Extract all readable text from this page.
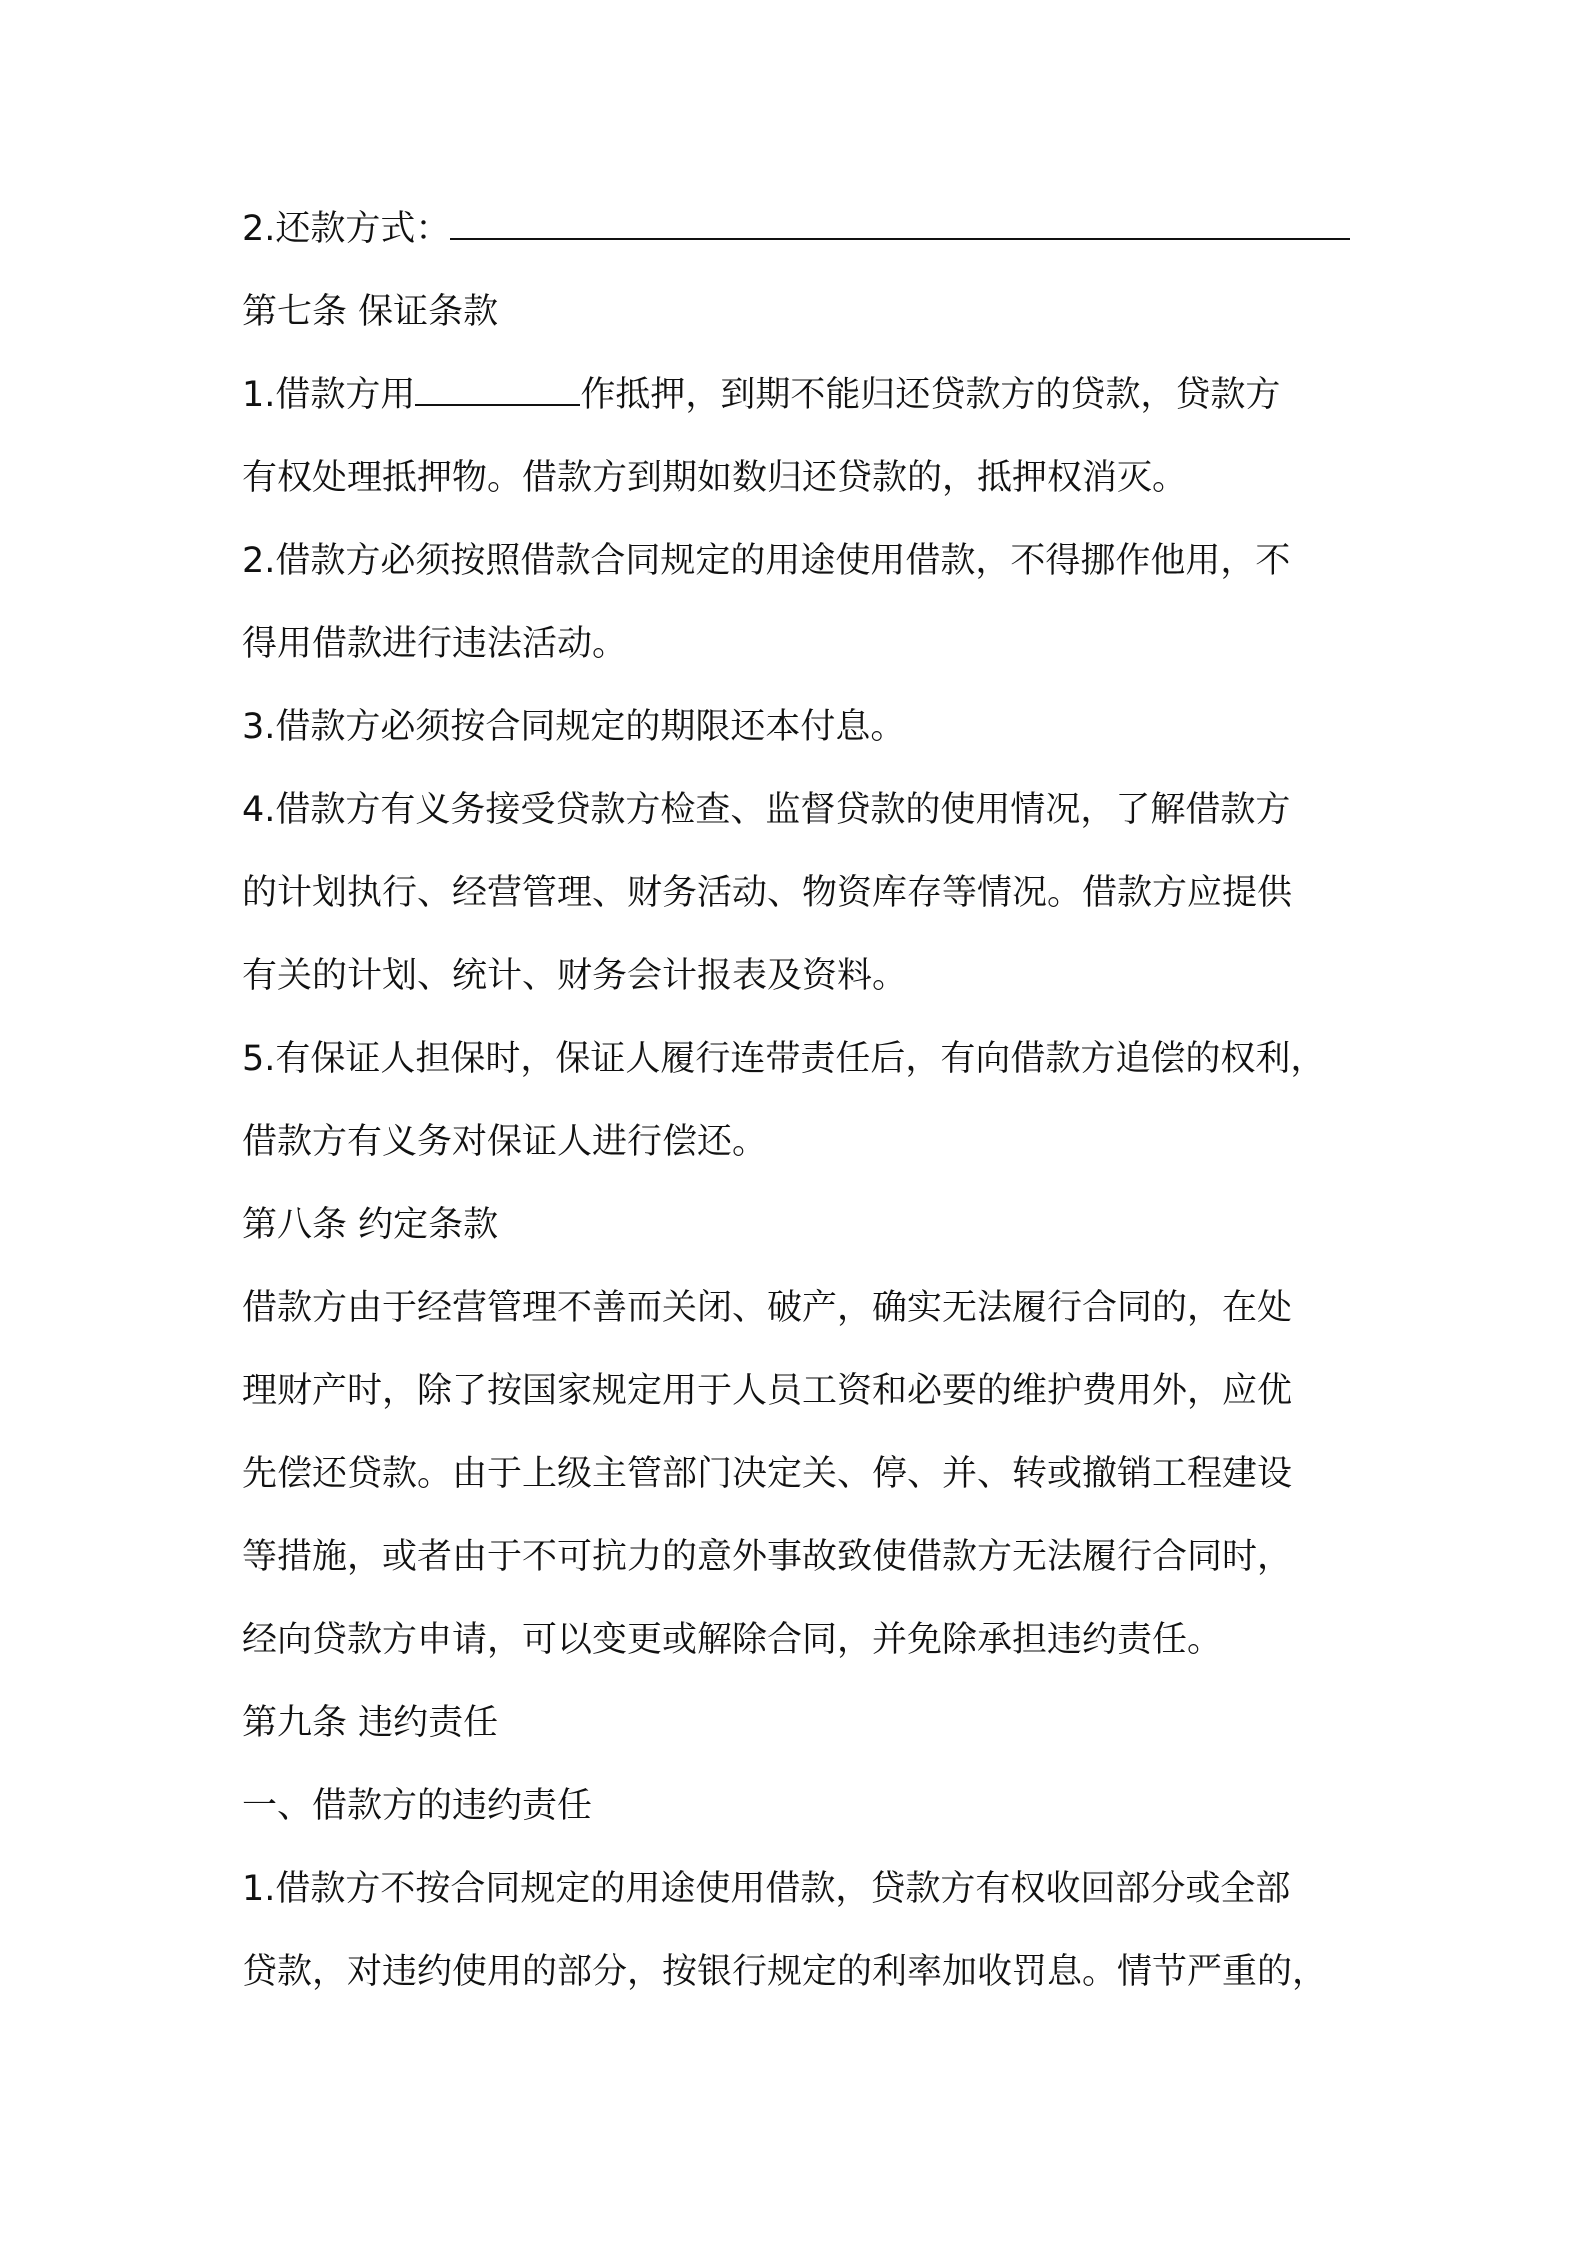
2.还款方式：
第七条 保证条款
1.借款方用	作抵押，到期不能归还贷款方的贷款，贷款方
有权处理抵押物。借款方到期如数归还贷款的，抵押权消灭。
2.借款方必须按照借款合同规定的用途使用借款，不得挪作他用，不
得用借款进行违法活动。
3.借款方必须按合同规定的期限还本付息。
4.借款方有义务接受贷款方检查、监督贷款的使用情况，了解借款方
的计划执行、经营管理、财务活动、物资库存等情况。借款方应提供
有关的计划、统计、财务会计报表及资料。
5.有保证人担保时，保证人履行连带责任后，有向借款方追偿的权利，
借款方有义务对保证人进行偿还。
第八条 约定条款
借款方由于经营管理不善而关闭、破产，确实无法履行合同的，在处
理财产时，除了按国家规定用于人员工资和必要的维护费用外，应优
先偿还贷款。由于上级主管部门决定关、停、并、转或撤销工程建设
等措施，或者由于不可抗力的意外事故致使借款方无法履行合同时，
经向贷款方申请，可以变更或解除合同，并免除承担违约责任。
第九条 违约责任
一、借款方的违约责任
1.借款方不按合同规定的用途使用借款，贷款方有权收回部分或全部
贷款，对违约使用的部分，按银行规定的利率加收罚息。情节严重的，
